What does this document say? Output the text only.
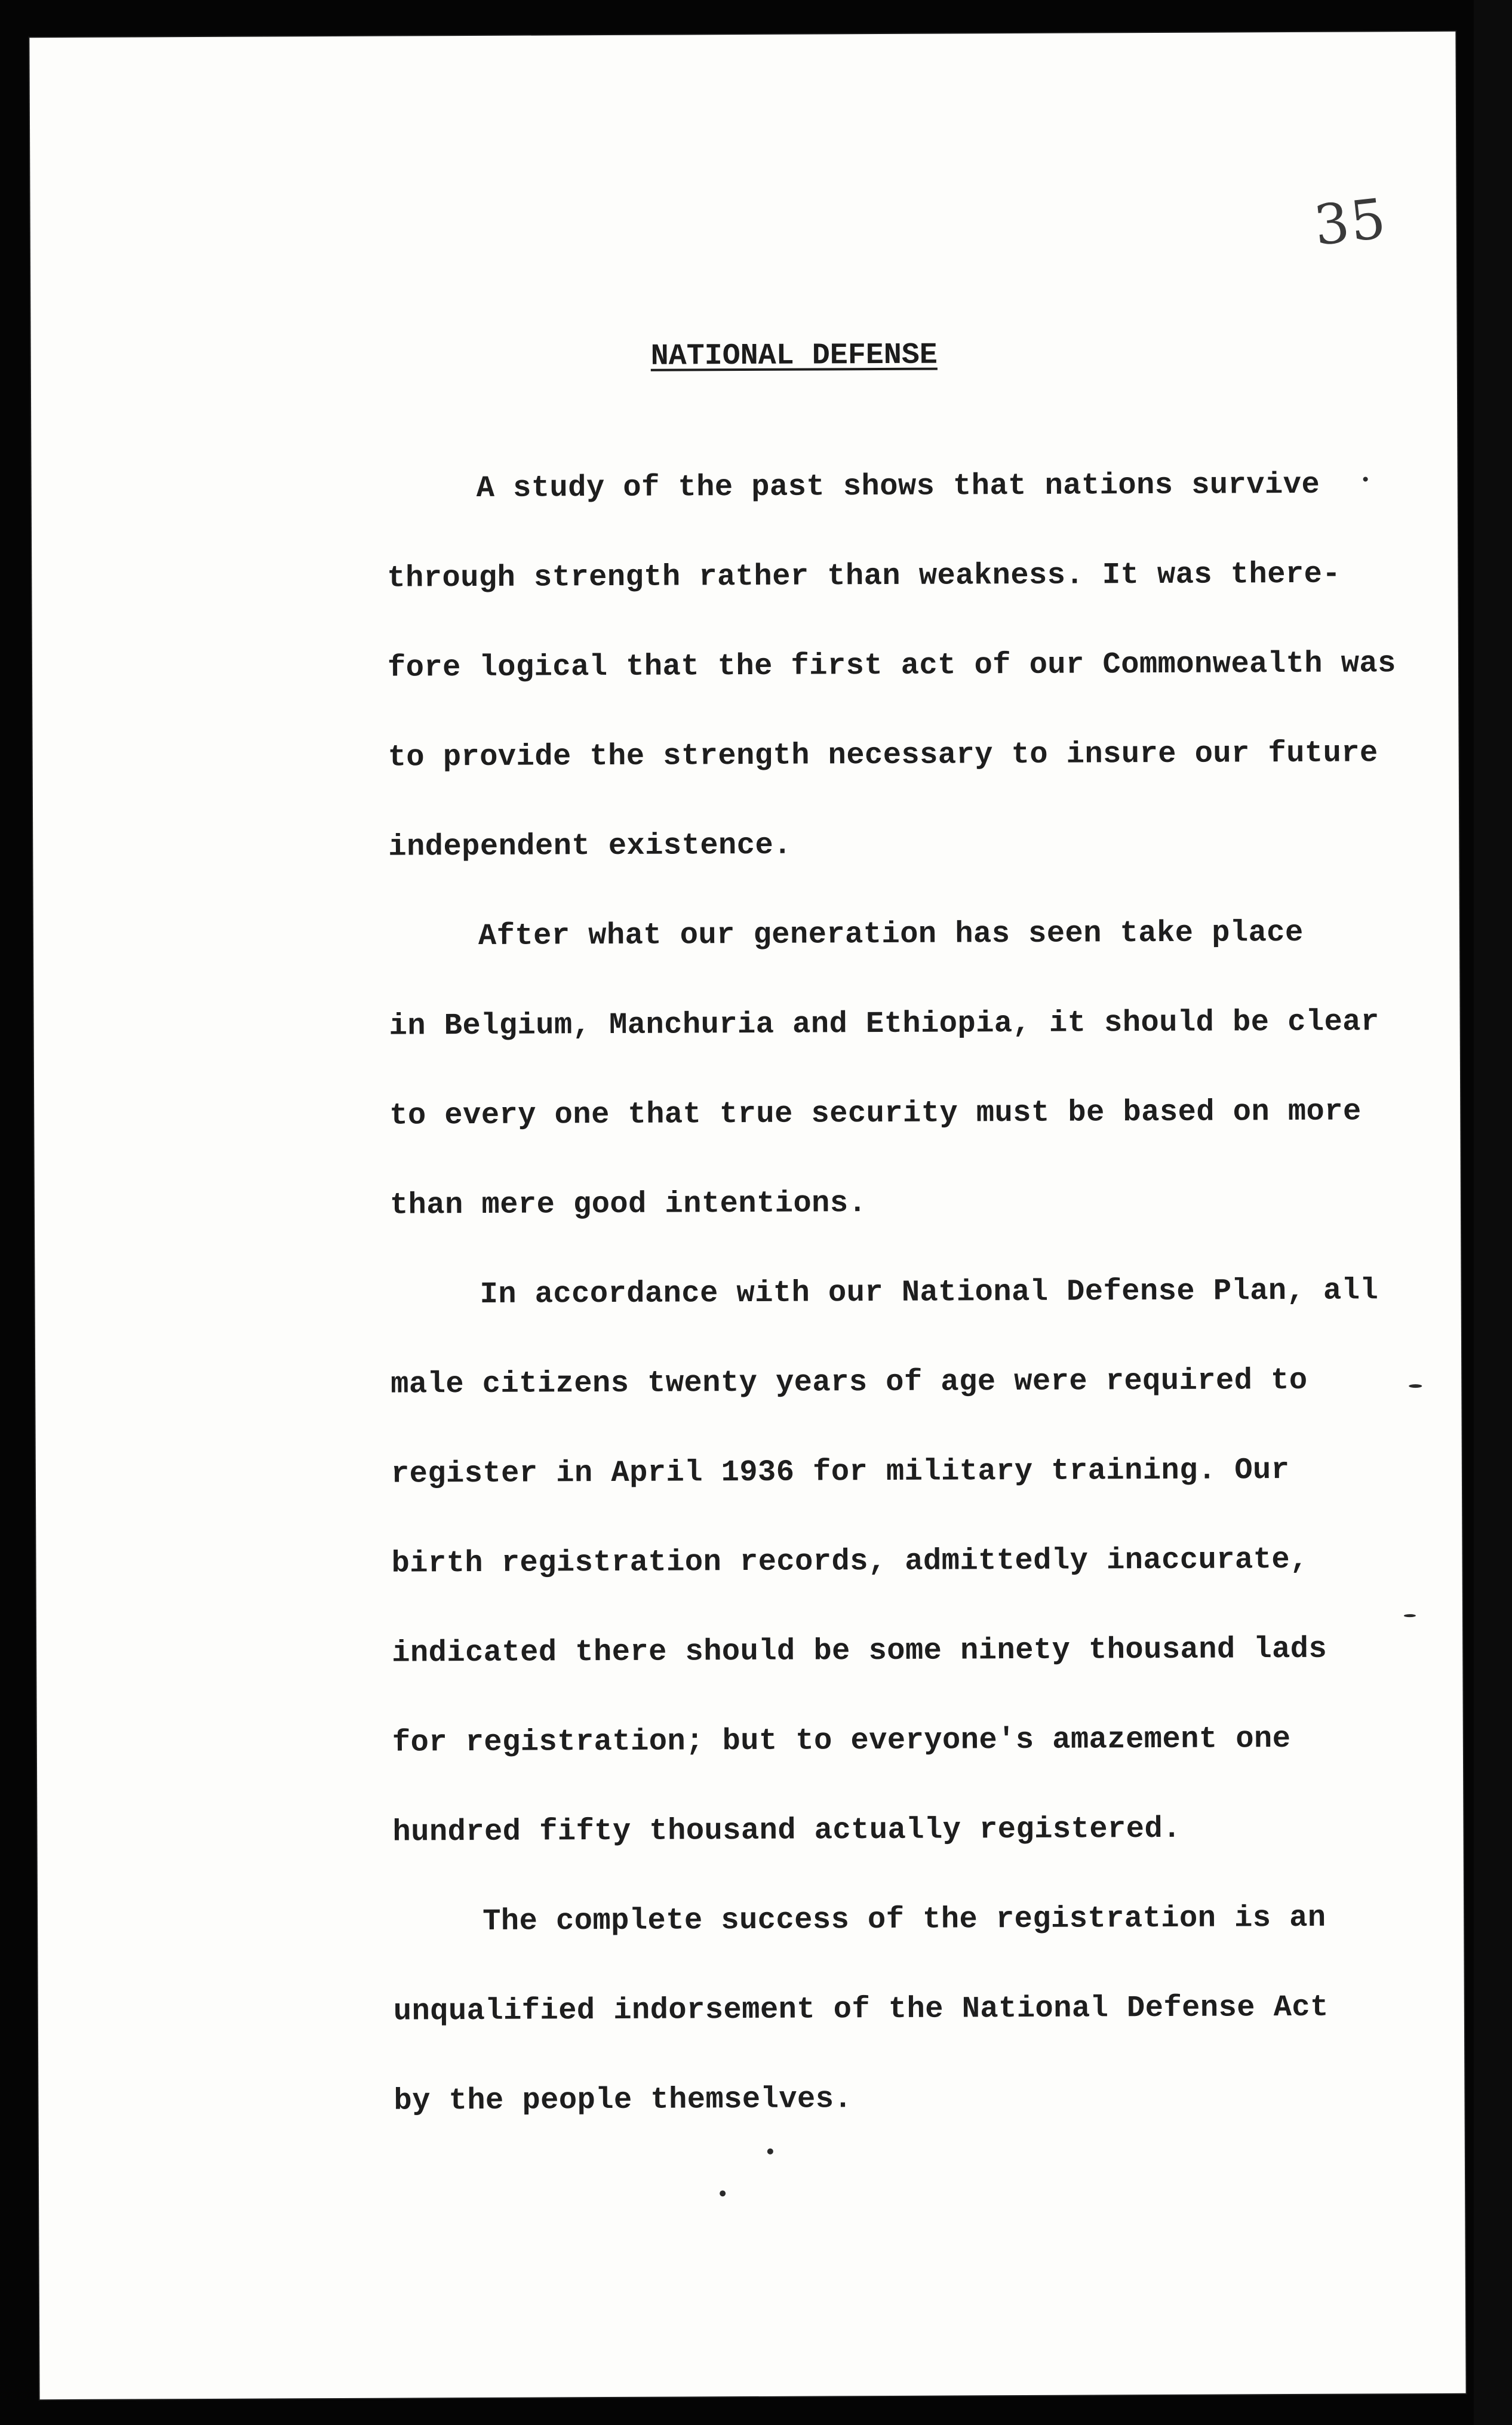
35
NATIONAL DEFENSE
A study of the past shows that nations survive
through strength rather than weakness. It was there-
fore logical that the first act of our Commonwealth was
to provide the strength necessary to insure our future
independent existence.
After what our generation has seen take place
in Belgium, Manchuria and Ethiopia, it should be clear
to every one that true security must be based on more
than mere good intentions.
In accordance with our National Defense Plan, all
male citizens twenty years of age were required to
register in April 1936 for military training. Our
birth registration records, admittedly inaccurate,
indicated there should be some ninety thousand lads
for registration; but to everyone's amazement one
hundred fifty thousand actually registered.
The complete success of the registration is an
unqualified indorsement of the National Defense Act
by the people themselves.
